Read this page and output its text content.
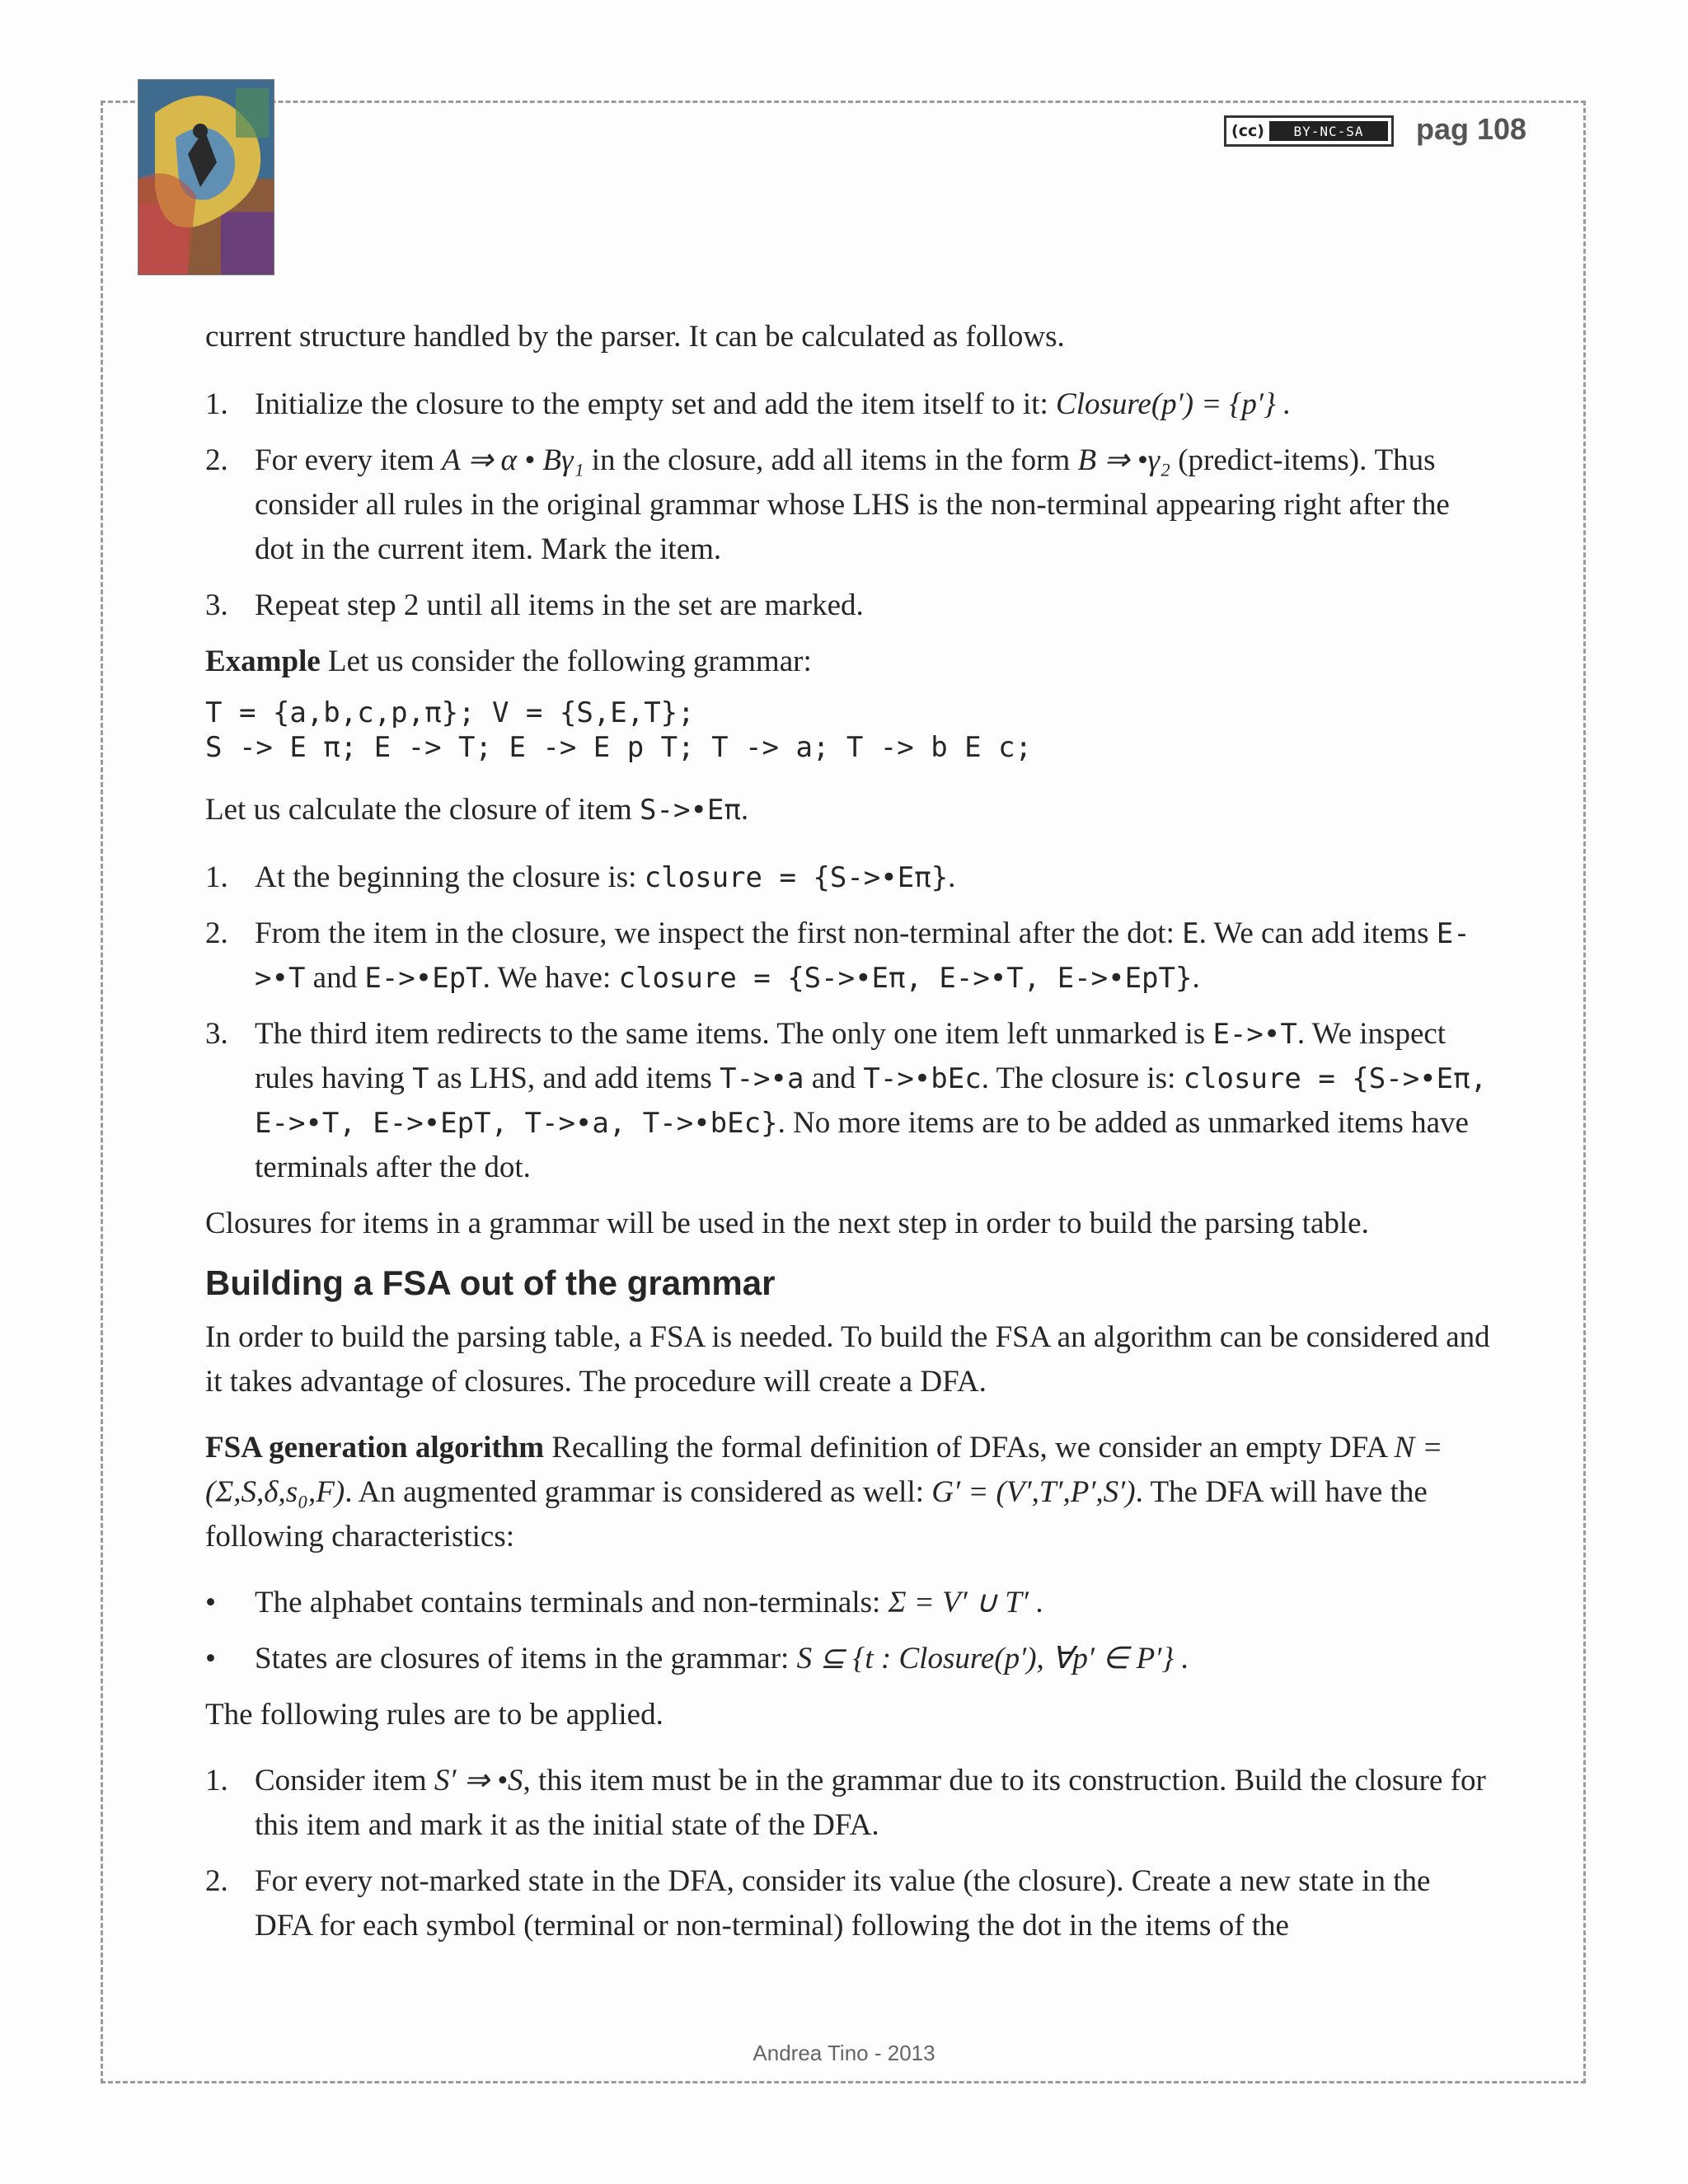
(cc)	BY-NC-SA	pag 108

current structure handled by the parser. It can be calculated as follows.

1. Initialize the closure to the empty set and add the item itself to it: Closure(p′) = {p′} .
2. For every item A ⇒ α • Bγ₁ in the closure, add all items in the form B ⇒ •γ₂ (predict-items). Thus consider all rules in the original grammar whose LHS is the non-terminal appearing right after the dot in the current item. Mark the item.
3. Repeat step 2 until all items in the set are marked.

Example Let us consider the following grammar:

T = {a,b,c,p,π}; V = {S,E,T};
S -> E π; E -> T; E -> E p T; T -> a; T -> b E c;

Let us calculate the closure of item S->•Eπ.

1. At the beginning the closure is: closure = {S->•Eπ}.
2. From the item in the closure, we inspect the first non-terminal after the dot: E. We can add items E->•T and E->•EpT. We have: closure = {S->•Eπ, E->•T, E->•EpT}.
3. The third item redirects to the same items. The only one item left unmarked is E->•T. We inspect rules having T as LHS, and add items T->•a and T->•bEc. The closure is: closure = {S->•Eπ, E->•T, E->•EpT, T->•a, T->•bEc}. No more items are to be added as unmarked items have terminals after the dot.

Closures for items in a grammar will be used in the next step in order to build the parsing table.

Building a FSA out of the grammar

In order to build the parsing table, a FSA is needed. To build the FSA an algorithm can be considered and it takes advantage of closures. The procedure will create a DFA.

FSA generation algorithm Recalling the formal definition of DFAs, we consider an empty DFA N = (Σ,S,δ,s₀,F). An augmented grammar is considered as well: G′ = (V′,T′,P′,S′). The DFA will have the following characteristics:

• The alphabet contains terminals and non-terminals: Σ = V′ ∪ T′ .
• States are closures of items in the grammar: S ⊆ {t : Closure(p′), ∀p′ ∈ P′} .

The following rules are to be applied.

1. Consider item S′ ⇒ •S, this item must be in the grammar due to its construction. Build the closure for this item and mark it as the initial state of the DFA.
2. For every not-marked state in the DFA, consider its value (the closure). Create a new state in the DFA for each symbol (terminal or non-terminal) following the dot in the items of the
Andrea Tino - 2013
